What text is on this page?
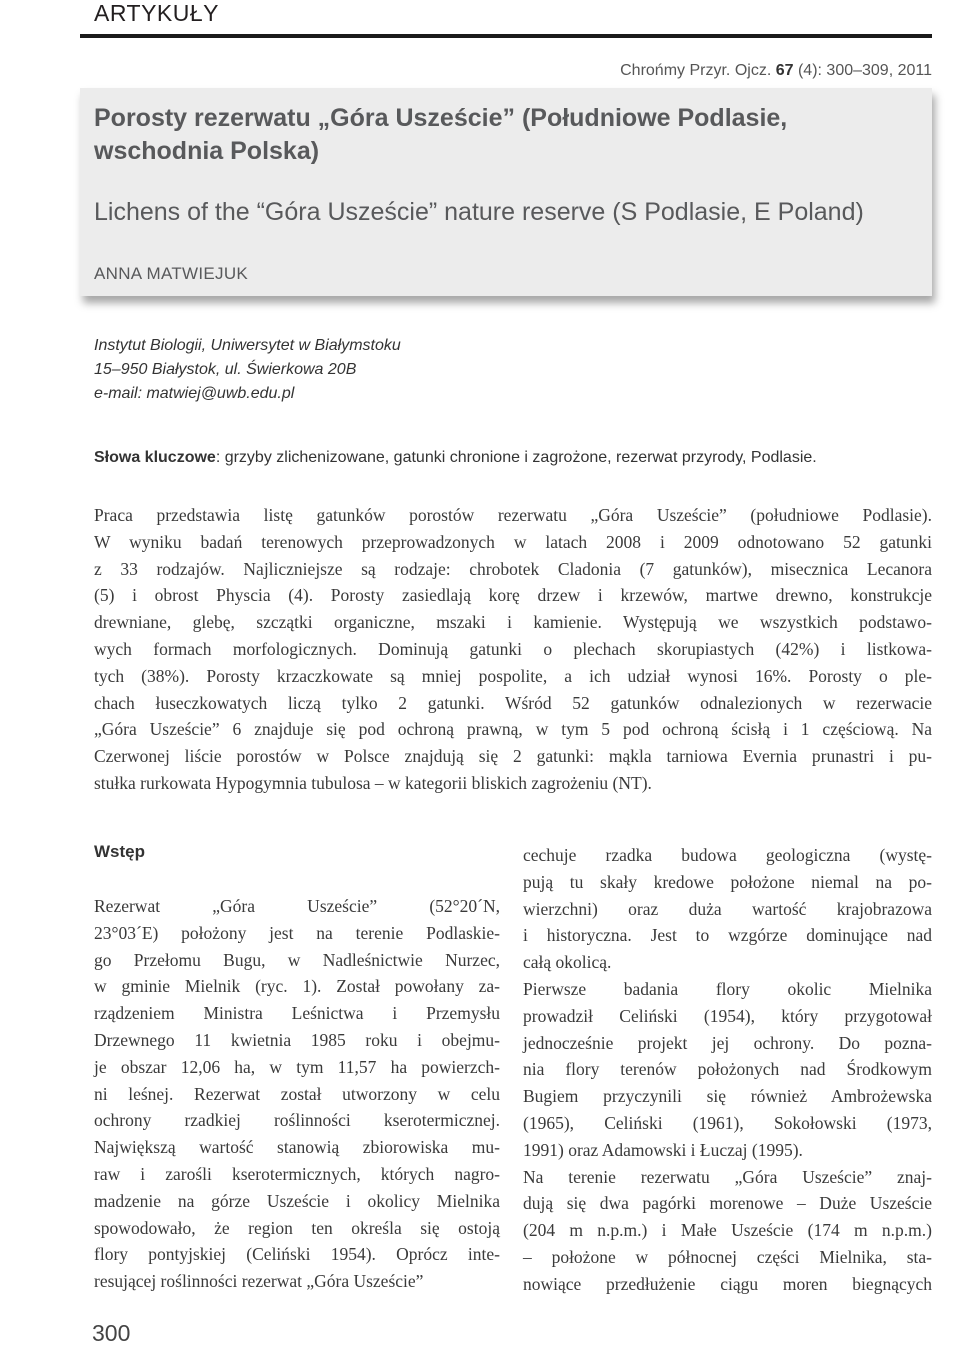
ARTYKUŁY
Chrońmy Przyr. Ojcz. 67 (4): 300–309, 2011
Porosty rezerwatu „Góra Uszeście” (Południowe Podlasie, wschodnia Polska)
Lichens of the “Góra Uszeście” nature reserve (S Podlasie, E Poland)
ANNA MATWIEJUK
Instytut Biologii, Uniwersytet w Białymstoku
15–950 Białystok, ul. Świerkowa 20B
e-mail: matwiej@uwb.edu.pl
Słowa kluczowe: grzyby zlichenizowane, gatunki chronione i zagrożone, rezerwat przyrody, Podlasie.
Praca przedstawia listę gatunków porostów rezerwatu „Góra Uszeście” (południowe Podlasie).
W wyniku badań terenowych przeprowadzonych w latach 2008 i 2009 odnotowano 52 gatunki
z 33 rodzajów. Najliczniejsze są rodzaje: chrobotek Cladonia (7 gatunków), misecznica Lecanora
(5) i obrost Physcia (4). Porosty zasiedlają korę drzew i krzewów, martwe drewno, konstrukcje
drewniane, glebę, szczątki organiczne, mszaki i kamienie. Występują we wszystkich podstawo-
wych formach morfologicznych. Dominują gatunki o plechach skorupiastych (42%) i listkowa-
tych (38%). Porosty krzaczkowate są mniej pospolite, a ich udział wynosi 16%. Porosty o ple-
chach łuseczkowatych liczą tylko 2 gatunki. Wśród 52 gatunków odnalezionych w rezerwacie
„Góra Uszeście” 6 znajduje się pod ochroną prawną, w tym 5 pod ochroną ścisłą i 1 częściową. Na
Czerwonej liście porostów w Polsce znajdują się 2 gatunki: mąkla tarniowa Evernia prunastri i pu-
stułka rurkowata Hypogymnia tubulosa – w kategorii bliskich zagrożeniu (NT).
Wstęp
Rezerwat „Góra Uszeście” (52°20´N,
23°03´E) położony jest na terenie Podlaskie-
go Przełomu Bugu, w Nadleśnictwie Nurzec,
w gminie Mielnik (ryc. 1). Został powołany za-
rządzeniem Ministra Leśnictwa i Przemysłu
Drzewnego 11 kwietnia 1985 roku i obejmu-
je obszar 12,06 ha, w tym 11,57 ha powierzch-
ni leśnej. Rezerwat został utworzony w celu
ochrony rzadkiej roślinności kserotermicznej.
Największą wartość stanowią zbiorowiska mu-
raw i zarośli kserotermicznych, których nagro-
madzenie na górze Uszeście i okolicy Mielnika
spowodowało, że region ten określa się ostoją
flory pontyjskiej (Celiński 1954). Oprócz inte-
resującej roślinności rezerwat „Góra Uszeście”
cechuje rzadka budowa geologiczna (wystę-
pują tu skały kredowe położone niemal na po-
wierzchni) oraz duża wartość krajobrazowa
i historyczna. Jest to wzgórze dominujące nad
całą okolicą.
Pierwsze badania flory okolic Mielnika
prowadził Celiński (1954), który przygotował
jednocześnie projekt jej ochrony. Do pozna-
nia flory terenów położonych nad Środkowym
Bugiem przyczynili się również Ambrożewska
(1965), Celiński (1961), Sokołowski (1973,
1991) oraz Adamowski i Łuczaj (1995).
Na terenie rezerwatu „Góra Uszeście” znaj-
dują się dwa pagórki morenowe – Duże Uszeście
(204 m n.p.m.) i Małe Uszeście (174 m n.p.m.)
– położone w północnej części Mielnika, sta-
nowiące przedłużenie ciągu moren biegnących
300
